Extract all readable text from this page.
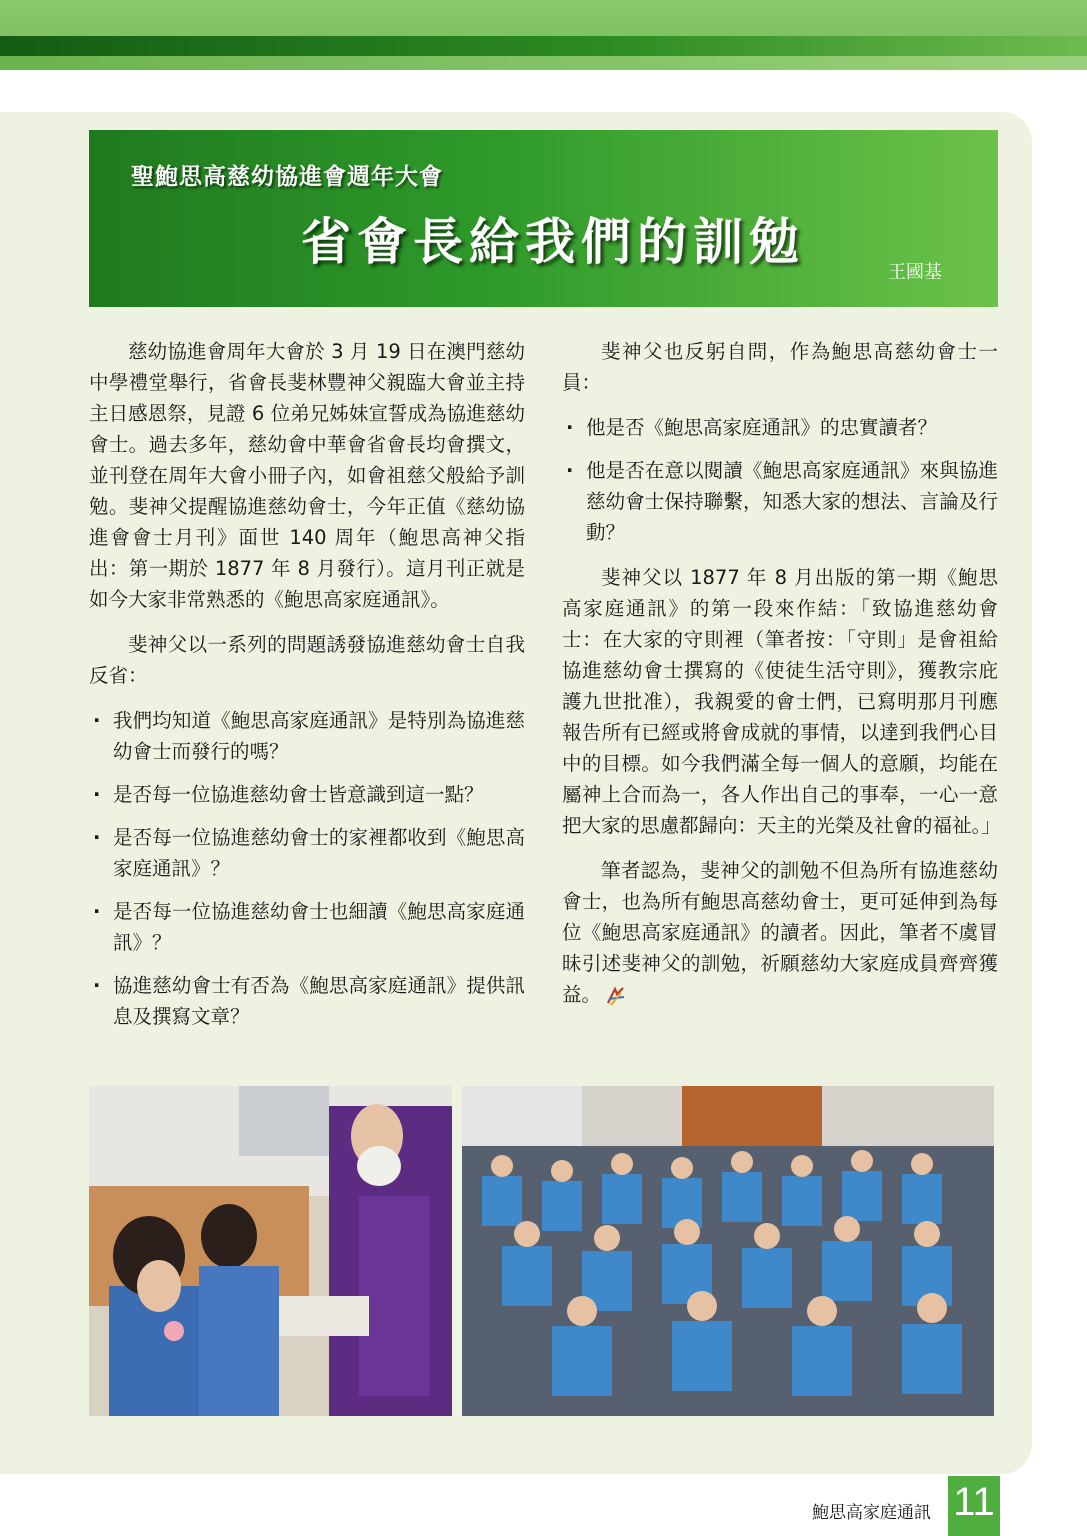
聖鮑思高慈幼協進會週年大會
省會長給我們的訓勉
王國基

慈幼協進會周年大會於 3 月 19 日在澳門慈幼中學禮堂舉行，省會長斐林豐神父親臨大會並主持主日感恩祭，見證 6 位弟兄姊妹宣誓成為協進慈幼會士。過去多年，慈幼會中華會省會長均會撰文，並刊登在周年大會小冊子內，如會祖慈父般給予訓勉。斐神父提醒協進慈幼會士，今年正值《慈幼協進會會士月刊》面世 140 周年（鮑思高神父指出：第一期於 1877 年 8 月發行）。這月刊正就是如今大家非常熟悉的《鮑思高家庭通訊》。

斐神父以一系列的問題誘發協進慈幼會士自我反省：

· 我們均知道《鮑思高家庭通訊》是特別為協進慈幼會士而發行的嗎？
· 是否每一位協進慈幼會士皆意識到這一點？
· 是否每一位協進慈幼會士的家裡都收到《鮑思高家庭通訊》？
· 是否每一位協進慈幼會士也細讀《鮑思高家庭通訊》？
· 協進慈幼會士有否為《鮑思高家庭通訊》提供訊息及撰寫文章？

斐神父也反躬自問，作為鮑思高慈幼會士一員：

· 他是否《鮑思高家庭通訊》的忠實讀者？
· 他是否在意以閱讀《鮑思高家庭通訊》來與協進慈幼會士保持聯繫，知悉大家的想法、言論及行動？

斐神父以 1877 年 8 月出版的第一期《鮑思高家庭通訊》的第一段來作結：「致協進慈幼會士：在大家的守則裡（筆者按：「守則」是會祖給協進慈幼會士撰寫的《使徒生活守則》，獲教宗庇護九世批准），我親愛的會士們，已寫明那月刊應報告所有已經或將會成就的事情，以達到我們心目中的目標。如今我們滿全每一個人的意願，均能在屬神上合而為一，各人作出自己的事奉，一心一意把大家的思慮都歸向：天主的光榮及社會的福祉。」

筆者認為，斐神父的訓勉不但為所有協進慈幼會士，也為所有鮑思高慈幼會士，更可延伸到為每位《鮑思高家庭通訊》的讀者。因此，筆者不虞冒昧引述斐神父的訓勉，祈願慈幼大家庭成員齊齊獲益。

鮑思高家庭通訊 11
